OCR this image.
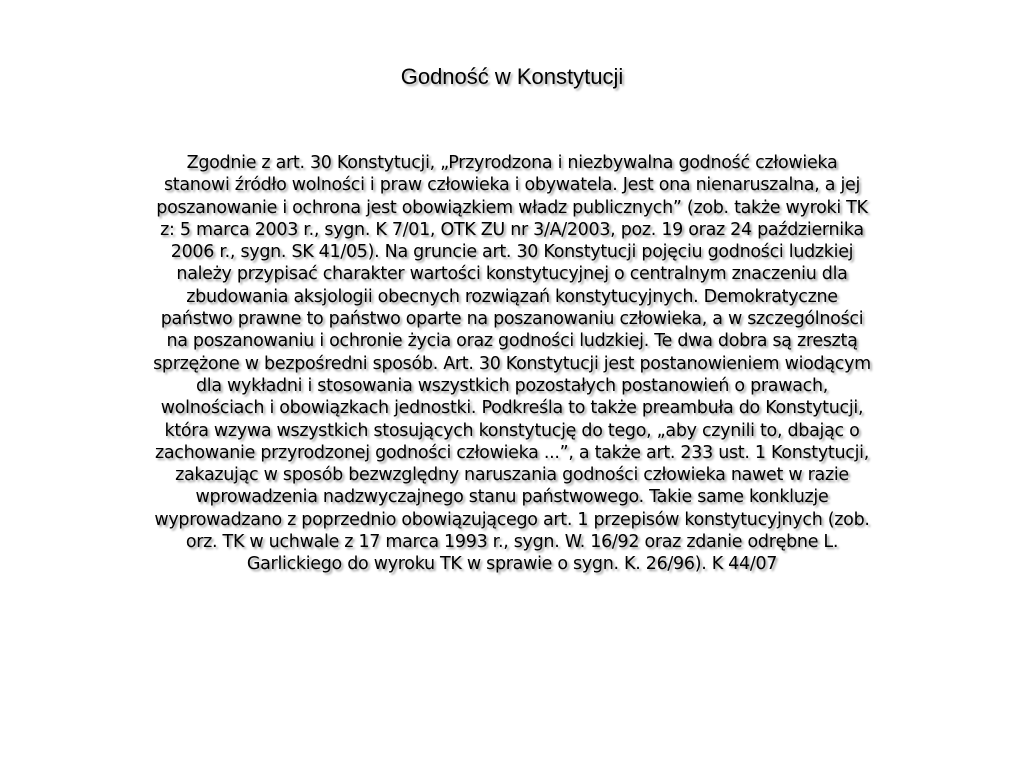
Godność w Konstytucji

Zgodnie z art. 30 Konstytucji, „Przyrodzona i niezbywalna godność człowieka stanowi źródło wolności i praw człowieka i obywatela. Jest ona nienaruszalna, a jej poszanowanie i ochrona jest obowiązkiem władz publicznych” (zob. także wyroki TK z: 5 marca 2003 r., sygn. K 7/01, OTK ZU nr 3/A/2003, poz. 19 oraz 24 października 2006 r., sygn. SK 41/05). Na gruncie art. 30 Konstytucji pojęciu godności ludzkiej należy przypisać charakter wartości konstytucyjnej o centralnym znaczeniu dla zbudowania aksjologii obecnych rozwiązań konstytucyjnych. Demokratyczne państwo prawne to państwo oparte na poszanowaniu człowieka, a w szczególności na poszanowaniu i ochronie życia oraz godności ludzkiej. Te dwa dobra są zresztą sprzężone w bezpośredni sposób. Art. 30 Konstytucji jest postanowieniem wiodącym dla wykładni i stosowania wszystkich pozostałych postanowień o prawach, wolnościach i obowiązkach jednostki. Podkreśla to także preambuła do Konstytucji, która wzywa wszystkich stosujących konstytucję do tego, „aby czynili to, dbając o zachowanie przyrodzonej godności człowieka ...”, a także art. 233 ust. 1 Konstytucji, zakazując w sposób bezwzględny naruszania godności człowieka nawet w razie wprowadzenia nadzwyczajnego stanu państwowego. Takie same konkluzje wyprowadzano z poprzednio obowiązującego art. 1 przepisów konstytucyjnych (zob. orz. TK w uchwale z 17 marca 1993 r., sygn. W. 16/92 oraz zdanie odrębne L. Garlickiego do wyroku TK w sprawie o sygn. K. 26/96). K 44/07
